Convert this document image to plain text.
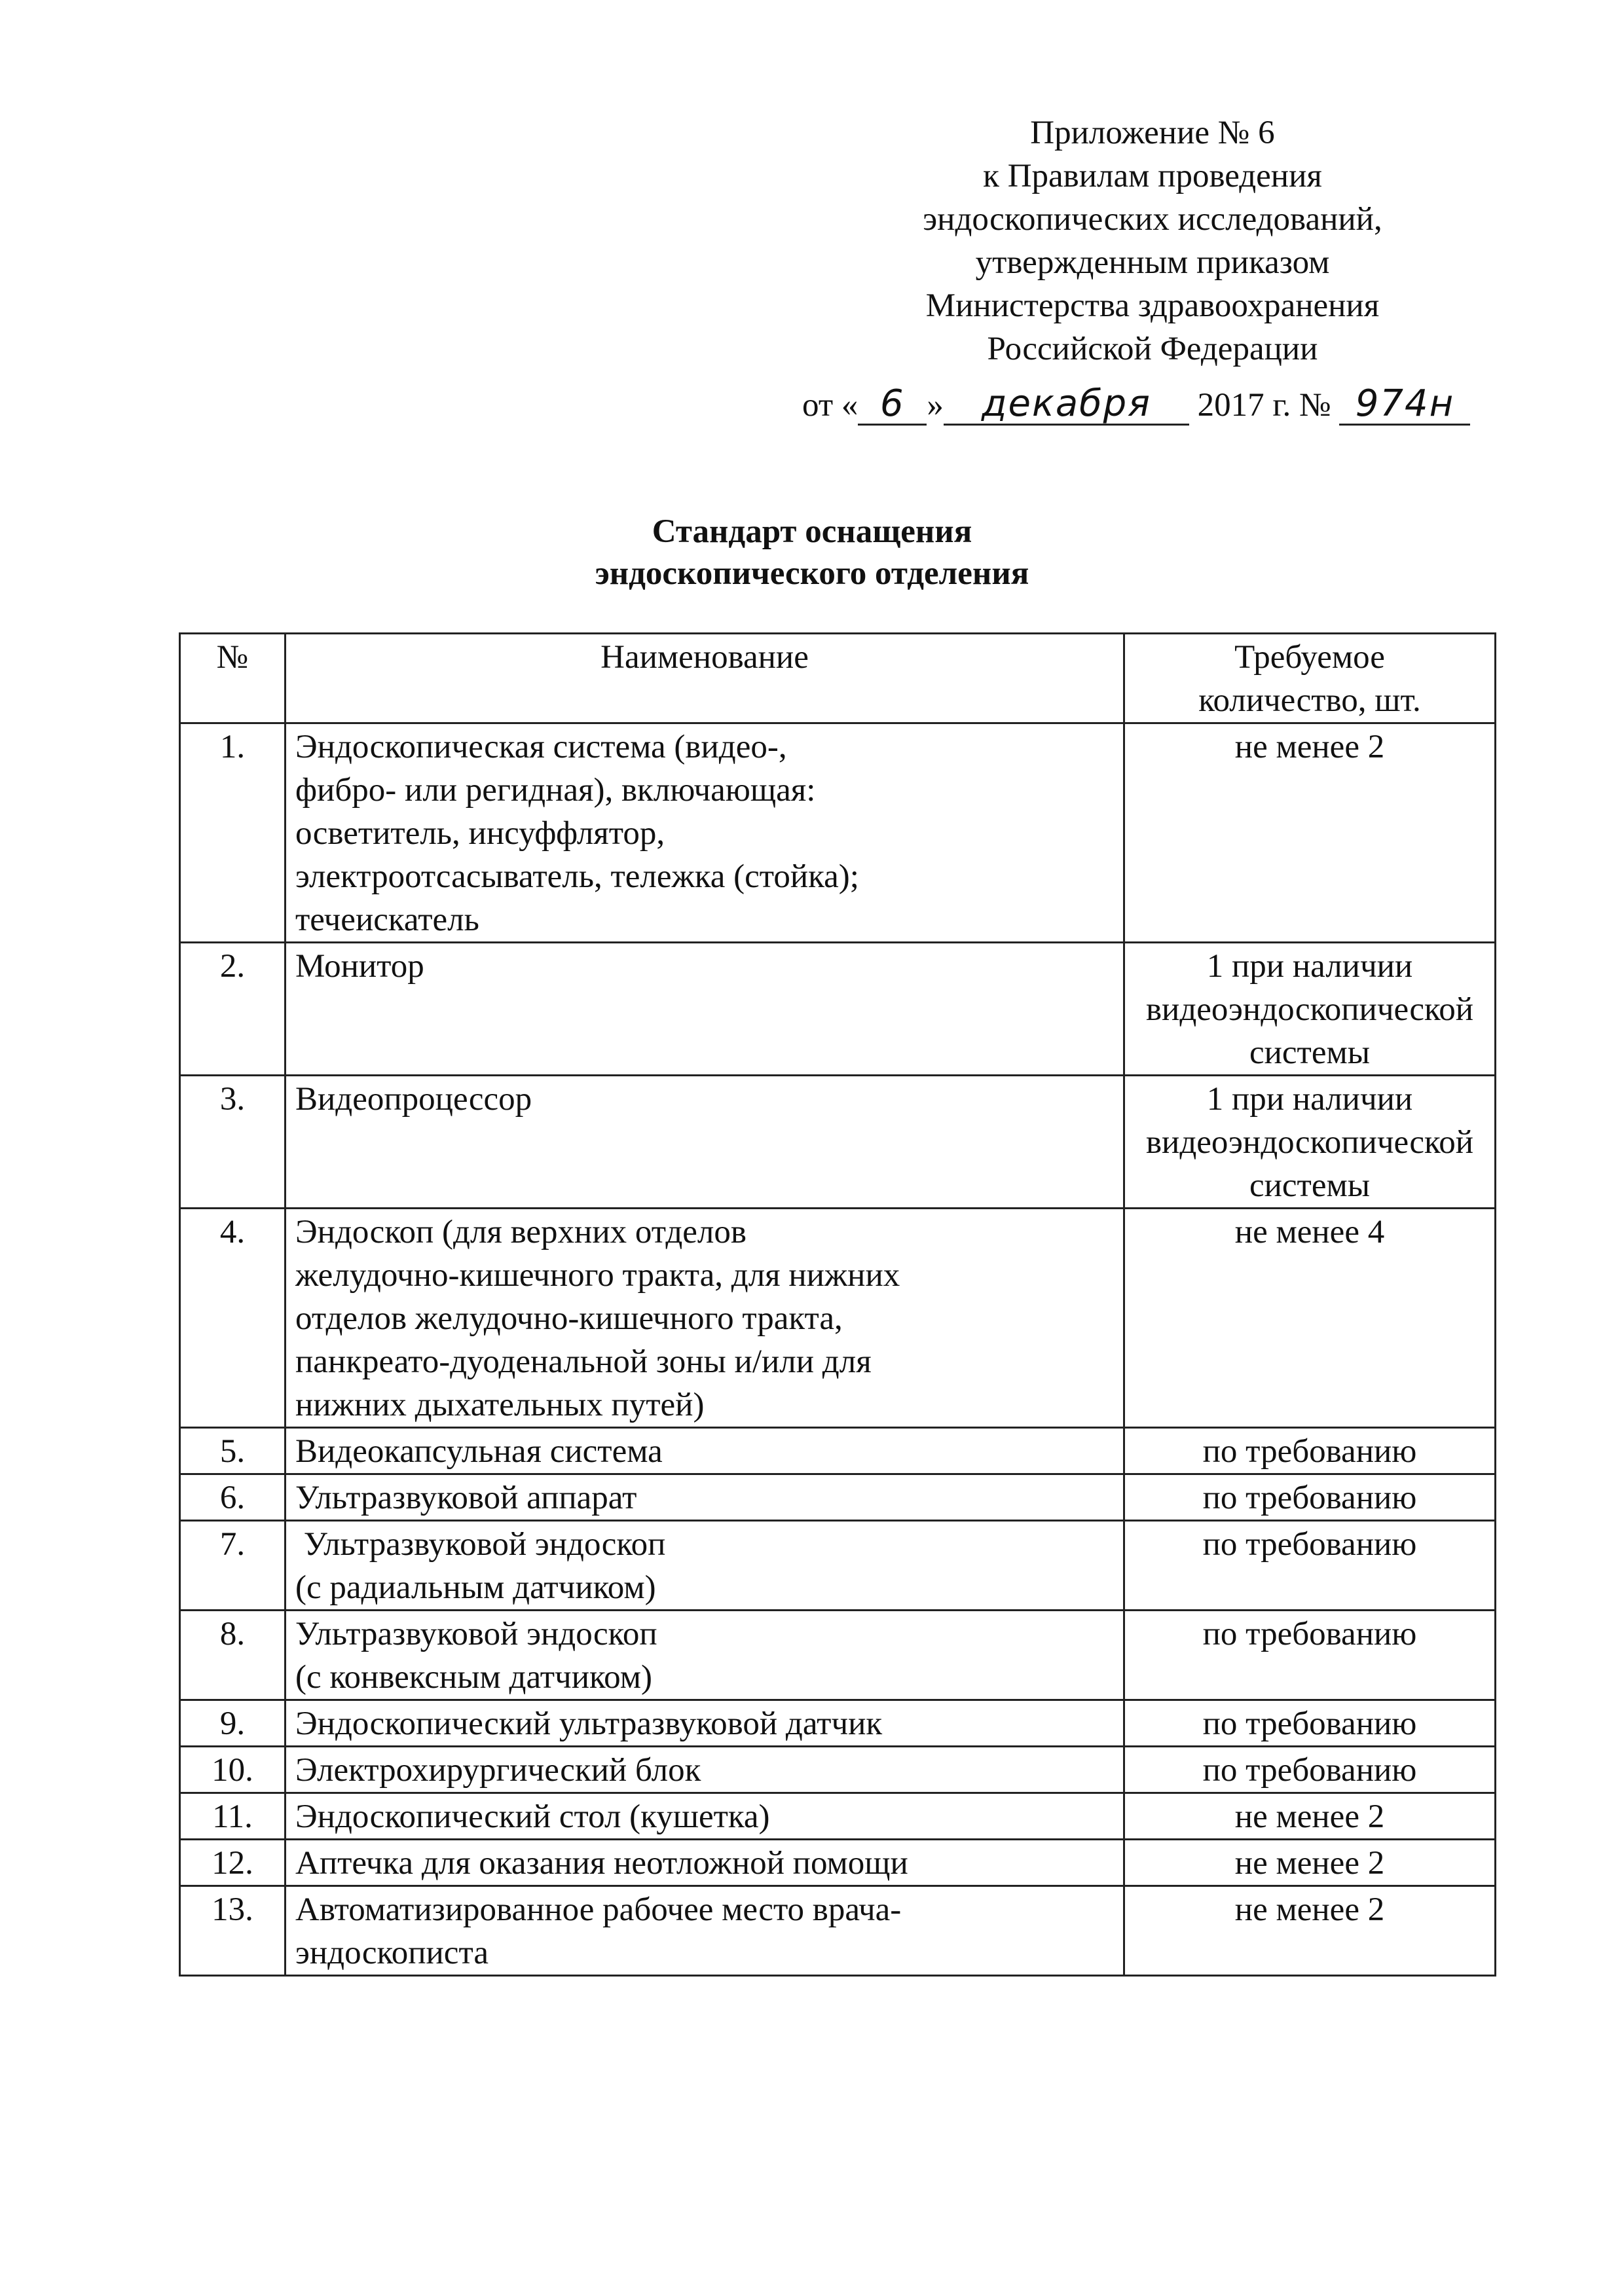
Приложение № 6
к Правилам проведения
эндоскопических исследований,
утвержденным приказом
Министерства здравоохранения
Российской Федерации
от « 6 » декабря 2017 г. № 974н
Стандарт оснащения
эндоскопического отделения
№	Наименование	Требуемое
количество, шт.

1.	Эндоскопическая система (видео-,
фибро- или регидная), включающая:
осветитель, инсуффлятор,
электроотсасыватель, тележка (стойка);
течеискатель	не менее 2

2.	Монитор	1 при наличии
видеоэндоскопической
системы

3.	Видеопроцессор	1 при наличии
видеоэндоскопической
системы

4.	Эндоскоп (для верхних отделов
желудочно-кишечного тракта, для нижних
отделов желудочно-кишечного тракта,
панкреато-дуоденальной зоны и/или для
нижних дыхательных путей)	не менее 4

5.	Видеокапсульная система	по требованию

6.	Ультразвуковой аппарат	по требованию

7.	Ультразвуковой эндоскоп
(с радиальным датчиком)	по требованию

8.	Ультразвуковой эндоскоп
(с конвексным датчиком)	по требованию

9.	Эндоскопический ультразвуковой датчик	по требованию

10.	Электрохирургический блок	по требованию

11.	Эндоскопический стол (кушетка)	не менее 2

12.	Аптечка для оказания неотложной помощи	не менее 2

13.	Автоматизированное рабочее место врача-
эндоскописта	не менее 2
